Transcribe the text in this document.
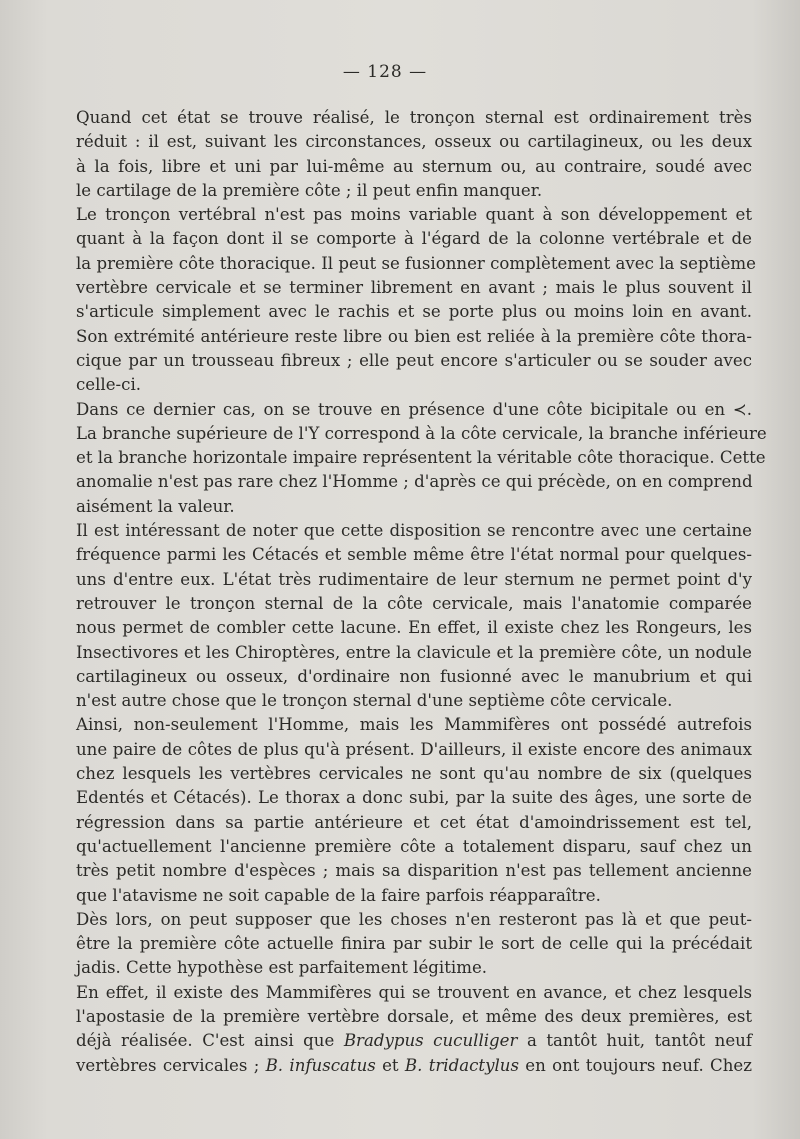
— 128 —

Quand cet état se trouve réalisé, le tronçon sternal est ordinairement très
réduit : il est, suivant les circonstances, osseux ou cartilagineux, ou les deux
à la fois, libre et uni par lui-même au sternum ou, au contraire, soudé avec
le cartilage de la première côte ; il peut enfin manquer.

Le tronçon vertébral n'est pas moins variable quant à son développement et
quant à la façon dont il se comporte à l'égard de la colonne vertébrale et de
la première côte thoracique. Il peut se fusionner complètement avec la septième
vertèbre cervicale et se terminer librement en avant ; mais le plus souvent il
s'articule simplement avec le rachis et se porte plus ou moins loin en avant.
Son extrémité antérieure reste libre ou bien est reliée à la première côte thora-
cique par un trousseau fibreux ; elle peut encore s'articuler ou se souder avec
celle-ci.

Dans ce dernier cas, on se trouve en présence d'une côte bicipitale ou en ≺.
La branche supérieure de l'Y correspond à la côte cervicale, la branche inférieure
et la branche horizontale impaire représentent la véritable côte thoracique. Cette
anomalie n'est pas rare chez l'Homme ; d'après ce qui précède, on en comprend
aisément la valeur.

Il est intéressant de noter que cette disposition se rencontre avec une certaine
fréquence parmi les Cétacés et semble même être l'état normal pour quelques-
uns d'entre eux. L'état très rudimentaire de leur sternum ne permet point d'y
retrouver le tronçon sternal de la côte cervicale, mais l'anatomie comparée
nous permet de combler cette lacune. En effet, il existe chez les Rongeurs, les
Insectivores et les Chiroptères, entre la clavicule et la première côte, un nodule
cartilagineux ou osseux, d'ordinaire non fusionné avec le manubrium et qui
n'est autre chose que le tronçon sternal d'une septième côte cervicale.

Ainsi, non-seulement l'Homme, mais les Mammifères ont possédé autrefois
une paire de côtes de plus qu'à présent. D'ailleurs, il existe encore des animaux
chez lesquels les vertèbres cervicales ne sont qu'au nombre de six (quelques
Edentés et Cétacés). Le thorax a donc subi, par la suite des âges, une sorte de
régression dans sa partie antérieure et cet état d'amoindrissement est tel,
qu'actuellement l'ancienne première côte a totalement disparu, sauf chez un
très petit nombre d'espèces ; mais sa disparition n'est pas tellement ancienne
que l'atavisme ne soit capable de la faire parfois réapparaître.

Dès lors, on peut supposer que les choses n'en resteront pas là et que peut-
être la première côte actuelle finira par subir le sort de celle qui la précédait
jadis. Cette hypothèse est parfaitement légitime.

En effet, il existe des Mammifères qui se trouvent en avance, et chez lesquels
l'apostasie de la première vertèbre dorsale, et même des deux premières, est
déjà réalisée. C'est ainsi que Bradypus cuculliger a tantôt huit, tantôt neuf
vertèbres cervicales ; B. infuscatus et B. tridactylus en ont toujours neuf. Chez
